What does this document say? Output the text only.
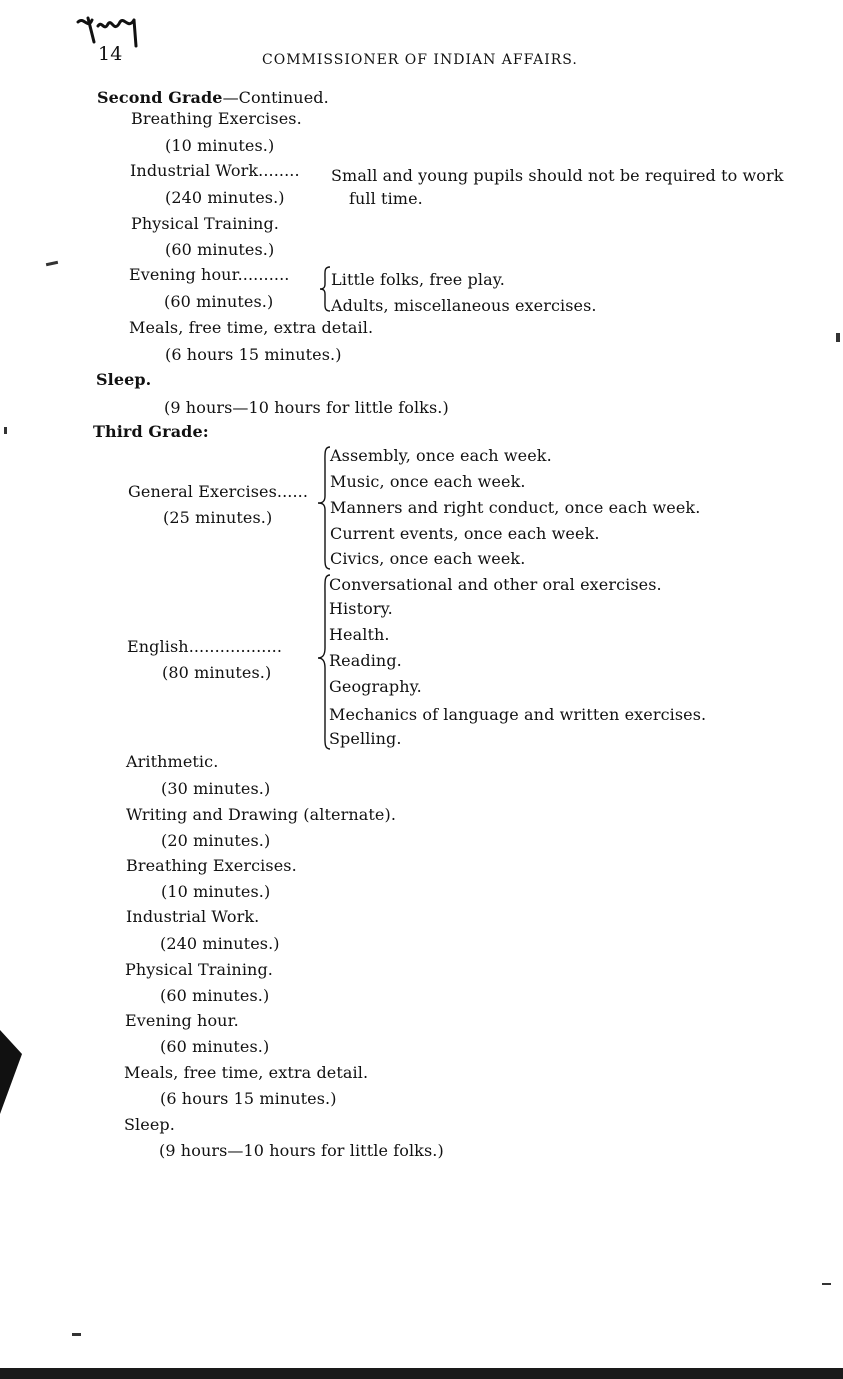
14	COMMISSIONER OF INDIAN AFFAIRS.
Second Grade—Continued.
Breathing Exercises.
(10 minutes.)
Industrial Work........ Small and young pupils should not be required to work
(240 minutes.)	full time.
Physical Training.
(60 minutes.)
Evening hour..........	Little folks, free play.
(60 minutes.)	Adults, miscellaneous exercises.
Meals, free time, extra detail.
(6 hours 15 minutes.)
Sleep.
(9 hours—10 hours for little folks.)
Third Grade:
Assembly, once each week.
Music, once each week.
General Exercises......
Manners and right conduct, once each week.
(25 minutes.)
Current events, once each week.
Civics, once each week.
Conversational and other oral exercises.
History.
Health.
English..................
Reading.
(80 minutes.)
Geography.
Mechanics of language and written exercises.
Spelling.
Arithmetic.
(30 minutes.)
Writing and Drawing (alternate).
(20 minutes.)
Breathing Exercises.
(10 minutes.)
Industrial Work.
(240 minutes.)
Physical Training.
(60 minutes.)
Evening hour.
(60 minutes.)
Meals, free time, extra detail.
(6 hours 15 minutes.)
Sleep.
(9 hours—10 hours for little folks.)
